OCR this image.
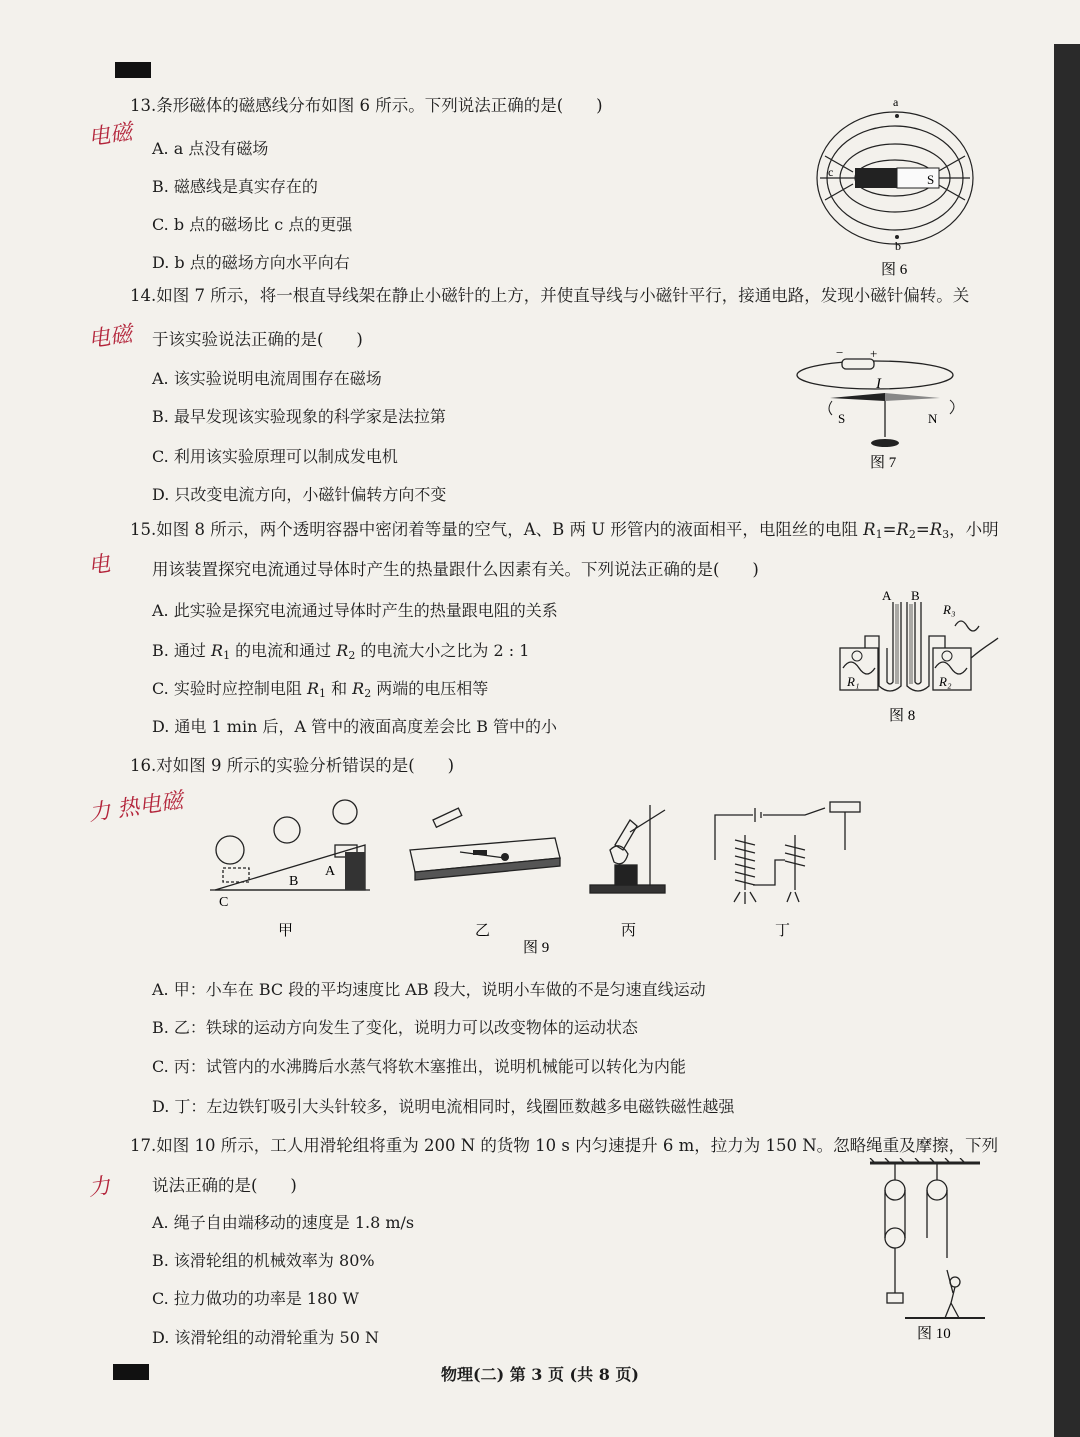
13.条形磁体的磁感线分布如图 6 所示。下列说法正确的是(　　)
电磁 A. a 点没有磁场
B. 磁感线是真实存在的
C. b 点的磁场比 c 点的更强
D. b 点的磁场方向水平向右
S
c
a
b
图 6
14.如图 7 所示，将一根直导线架在静止小磁针的上方，并使直导线与小磁针平行，接通电路，发现小磁针偏转。关
电磁 于该实验说法正确的是(　　)
A. 该实验说明电流周围存在磁场
B. 最早发现该实验现象的科学家是法拉第
C. 利用该实验原理可以制成发电机
D. 只改变电流方向，小磁针偏转方向不变
− +
I
S	N
图 7
15.如图 8 所示，两个透明容器中密闭着等量的空气，A、B 两 U 形管内的液面相平，电阻丝的电阻 $R_1=R_2=R_3$，小明
电 用该装置探究电流通过导体时产生的热量跟什么因素有关。下列说法正确的是(　　)
A. 此实验是探究电流通过导体时产生的热量跟电阻的关系
B. 通过 $R_1$ 的电流和通过 $R_2$ 的电流大小之比为 2 : 1
C. 实验时应控制电阻 $R_1$ 和 $R_2$ 两端的电压相等
D. 通电 1 min 后，A 管中的液面高度差会比 B 管中的小
A B
R₃
R₁	R₂
图 8
16.对如图 9 所示的实验分析错误的是(　　)
力 热电磁
C
B
A
甲	乙	丙	丁
图 9
A. 甲：小车在 BC 段的平均速度比 AB 段大，说明小车做的不是匀速直线运动
B. 乙：铁球的运动方向发生了变化，说明力可以改变物体的运动状态
C. 丙：试管内的水沸腾后水蒸气将软木塞推出，说明机械能可以转化为内能
D. 丁：左边铁钉吸引大头针较多，说明电流相同时，线圈匝数越多电磁铁磁性越强
17.如图 10 所示，工人用滑轮组将重为 200 N 的货物 10 s 内匀速提升 6 m，拉力为 150 N。忽略绳重及摩擦，下列
力 说法正确的是(　　)
A. 绳子自由端移动的速度是 1.8 m/s
B. 该滑轮组的机械效率为 80%
C. 拉力做功的功率是 180 W
D. 该滑轮组的动滑轮重为 50 N	图 10
物理(二) 第 3 页 (共 8 页)
